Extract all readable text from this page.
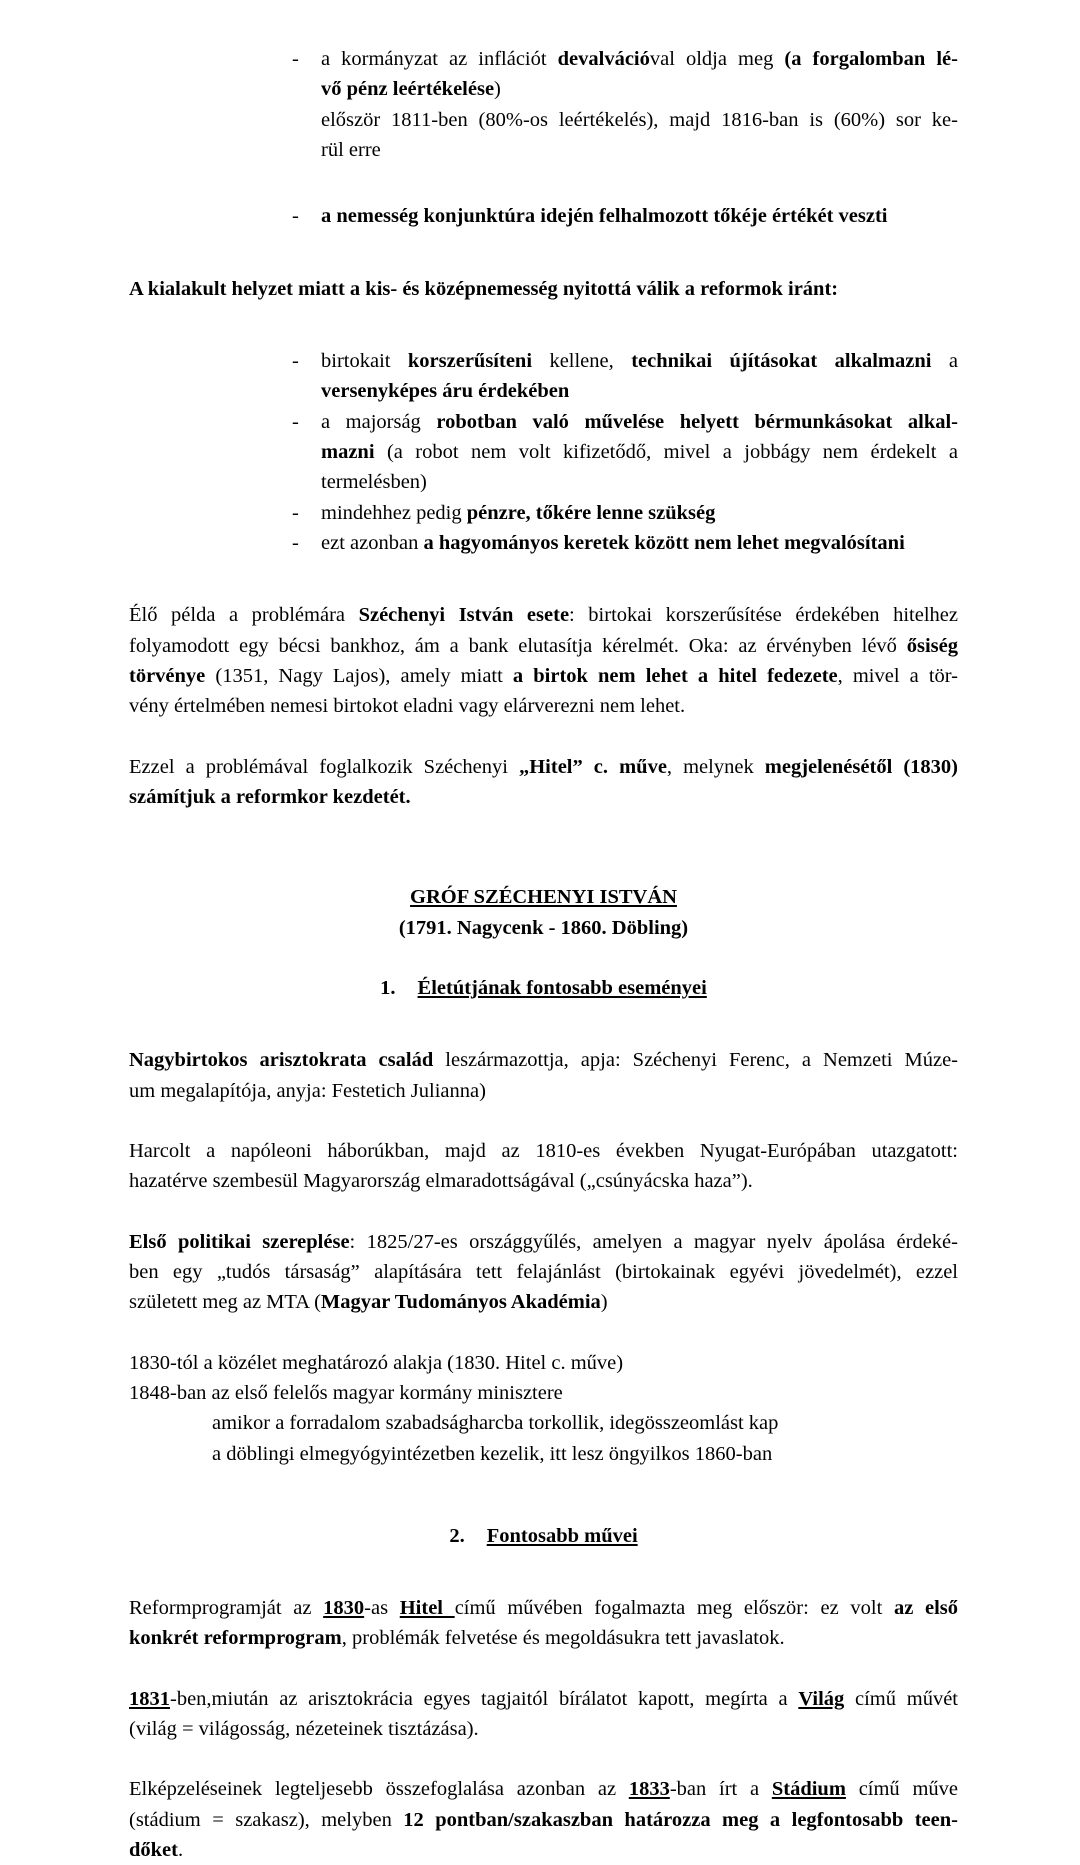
- a kormányzat az inflációt devalvációval oldja meg (a forgalomban lé-
vő pénz leértékelése)
először 1811-ben (80%-os leértékelés), majd 1816-ban is (60%) sor ke-
rül erre
- a nemesség konjunktúra idején felhalmozott tőkéje értékét veszti

A kialakult helyzet miatt a kis- és középnemesség nyitottá válik a reformok iránt:

- birtokait korszerűsíteni kellene, technikai újításokat alkalmazni a
versenyképes áru érdekében
- a majorság robotban való művelése helyett bérmunkásokat alkal-
mazni (a robot nem volt kifizetődő, mivel a jobbágy nem érdekelt a
termelésben)
- mindehhez pedig pénzre, tőkére lenne szükség
- ezt azonban a hagyományos keretek között nem lehet megvalósítani

Élő példa a problémára Széchenyi István esete: birtokai korszerűsítése érdekében hitelhez
folyamodott egy bécsi bankhoz, ám a bank elutasítja kérelmét. Oka: az érvényben lévő ősiség
törvénye (1351, Nagy Lajos), amely miatt a birtok nem lehet a hitel fedezete, mivel a tör-
vény értelmében nemesi birtokot eladni vagy elárverezni nem lehet.

Ezzel a problémával foglalkozik Széchenyi „Hitel” c. műve, melynek megjelenésétől (1830)
számítjuk a reformkor kezdetét.

GRÓF SZÉCHENYI ISTVÁN

(1791. Nagycenk - 1860. Döbling)

1. Életútjának fontosabb eseményei

Nagybirtokos arisztokrata család leszármazottja, apja: Széchenyi Ferenc, a Nemzeti Múze-
um megalapítója, anyja: Festetich Julianna)

Harcolt a napóleoni háborúkban, majd az 1810-es években Nyugat-Európában utazgatott:
hazatérve szembesül Magyarország elmaradottságával („csúnyácska haza”).

Első politikai szereplése: 1825/27-es országgyűlés, amelyen a magyar nyelv ápolása érdeké-
ben egy „tudós társaság” alapítására tett felajánlást (birtokainak egyévi jövedelmét), ezzel
született meg az MTA (Magyar Tudományos Akadémia)

1830-tól a közélet meghatározó alakja (1830. Hitel c. műve)

1848-ban az első felelős magyar kormány minisztere

amikor a forradalom szabadságharcba torkollik, idegösszeomlást kap

a döblingi elmegyógyintézetben kezelik, itt lesz öngyilkos 1860-ban

2. Fontosabb művei

Reformprogramját az 1830-as Hitel című művében fogalmazta meg először: ez volt az első
konkrét reformprogram, problémák felvetése és megoldásukra tett javaslatok.

1831-ben,miután az arisztokrácia egyes tagjaitól bírálatot kapott, megírta a Világ című művét
(világ = világosság, nézeteinek tisztázása).

Elképzeléseinek legteljesebb összefoglalása azonban az 1833-ban írt a Stádium című műve
(stádium = szakasz), melyben 12 pontban/szakaszban határozza meg a legfontosabb teen-
dőket.
